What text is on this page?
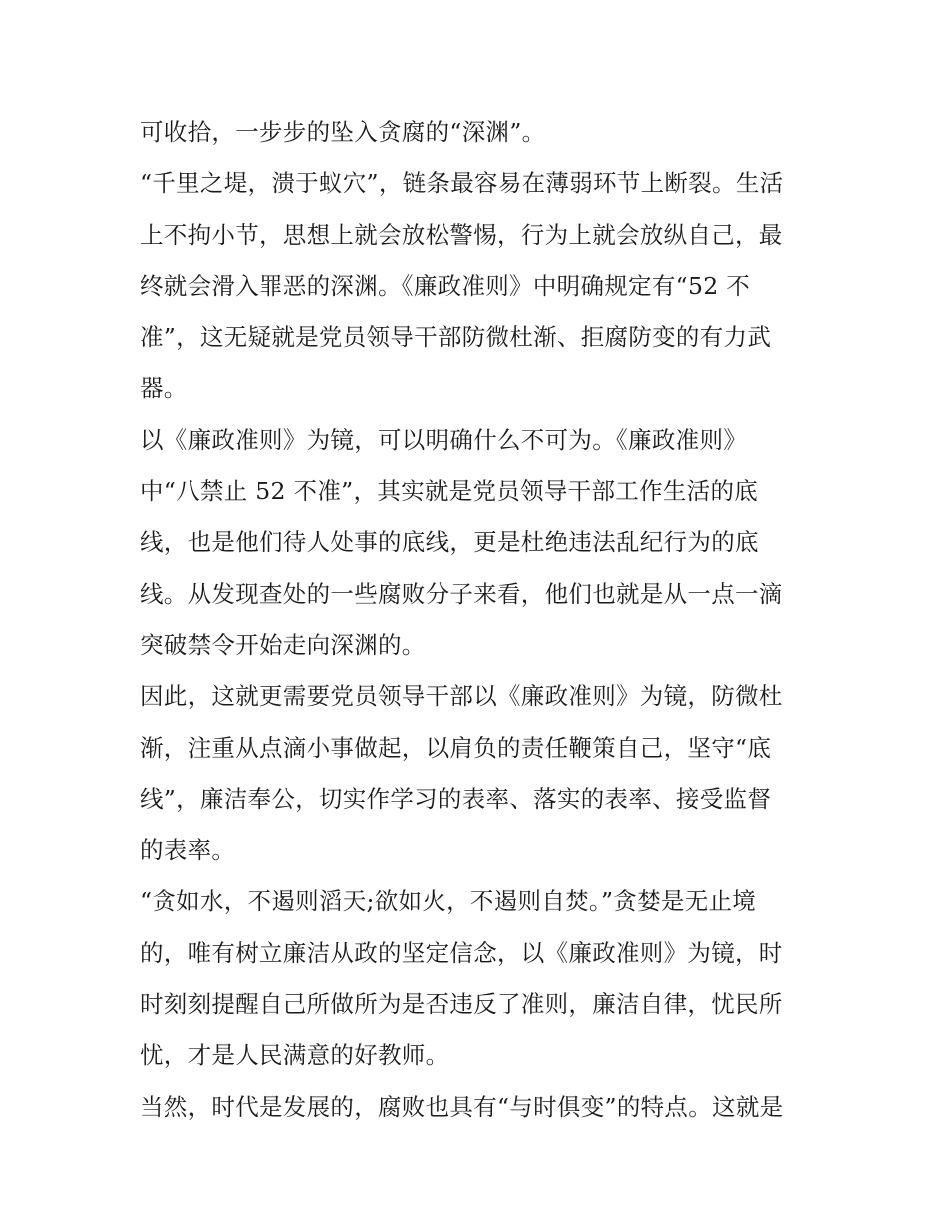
可收拾，一步步的坠入贪腐的“深渊”。
“千里之堤，溃于蚁穴”，链条最容易在薄弱环节上断裂。生活
上不拘小节，思想上就会放松警惕，行为上就会放纵自己，最
终就会滑入罪恶的深渊。《廉政准则》中明确规定有“52 不
准”，这无疑就是党员领导干部防微杜渐、拒腐防变的有力武
器。
以《廉政准则》为镜，可以明确什么不可为。《廉政准则》
中“八禁止 52 不准”，其实就是党员领导干部工作生活的底
线，也是他们待人处事的底线，更是杜绝违法乱纪行为的底
线。从发现查处的一些腐败分子来看，他们也就是从一点一滴
突破禁令开始走向深渊的。
因此，这就更需要党员领导干部以《廉政准则》为镜，防微杜
渐，注重从点滴小事做起，以肩负的责任鞭策自己，坚守“底
线”，廉洁奉公，切实作学习的表率、落实的表率、接受监督
的表率。
“贪如水，不遏则滔天;欲如火，不遏则自焚。”贪婪是无止境
的，唯有树立廉洁从政的坚定信念，以《廉政准则》为镜，时
时刻刻提醒自己所做所为是否违反了准则，廉洁自律，忧民所
忧，才是人民满意的好教师。
当然，时代是发展的，腐败也具有“与时俱变”的特点。这就是
